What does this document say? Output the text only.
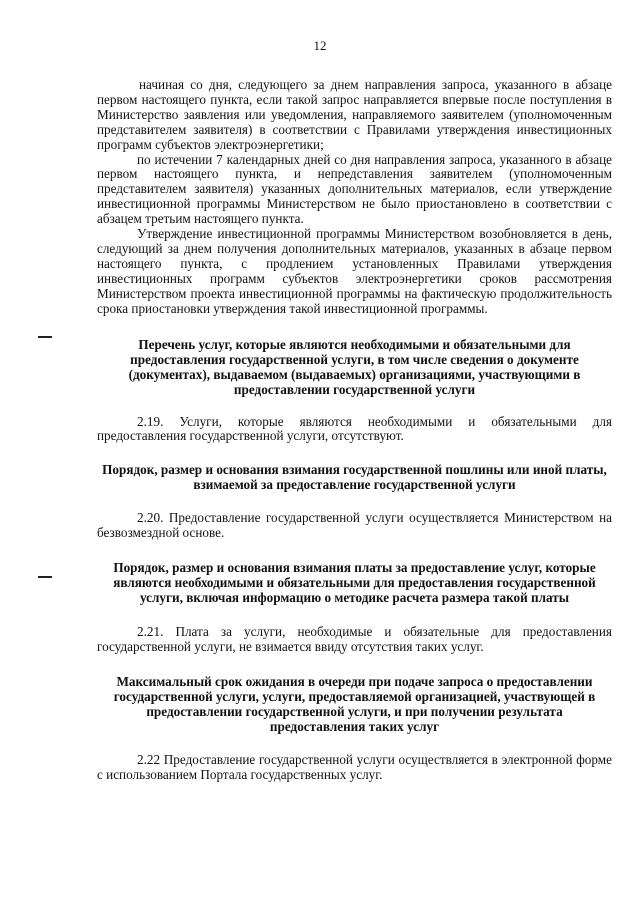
12

начиная со дня, следующего за днем направления запроса, указанного в абзаце первом настоящего пункта, если такой запрос направляется впервые после поступления в Министерство заявления или уведомления, направляемого заявителем (уполномоченным представителем заявителя) в соответствии с Правилами утверждения инвестиционных программ субъектов электроэнергетики;

по истечении 7 календарных дней со дня направления запроса, указанного в абзаце первом настоящего пункта, и непредставления заявителем (уполномоченным представителем заявителя) указанных дополнительных материалов, если утверждение инвестиционной программы Министерством не было приостановлено в соответствии с абзацем третьим настоящего пункта.

Утверждение инвестиционной программы Министерством возобновляется в день, следующий за днем получения дополнительных материалов, указанных в абзаце первом настоящего пункта, с продлением установленных Правилами утверждения инвестиционных программ субъектов электроэнергетики сроков рассмотрения Министерством проекта инвестиционной программы на фактическую продолжительность срока приостановки утверждения такой инвестиционной программы.

Перечень услуг, которые являются необходимыми и обязательными для предоставления государственной услуги, в том числе сведения о документе (документах), выдаваемом (выдаваемых) организациями, участвующими в предоставлении государственной услуги

2.19. Услуги, которые являются необходимыми и обязательными для предоставления государственной услуги, отсутствуют.

Порядок, размер и основания взимания государственной пошлины или иной платы, взимаемой за предоставление государственной услуги

2.20. Предоставление государственной услуги осуществляется Министерством на безвозмездной основе.

Порядок, размер и основания взимания платы за предоставление услуг, которые являются необходимыми и обязательными для предоставления государственной услуги, включая информацию о методике расчета размера такой платы

2.21. Плата за услуги, необходимые и обязательные для предоставления государственной услуги, не взимается ввиду отсутствия таких услуг.

Максимальный срок ожидания в очереди при подаче запроса о предоставлении государственной услуги, услуги, предоставляемой организацией, участвующей в предоставлении государственной услуги, и при получении результата предоставления таких услуг

2.22 Предоставление государственной услуги осуществляется в электронной форме с использованием Портала государственных услуг.
